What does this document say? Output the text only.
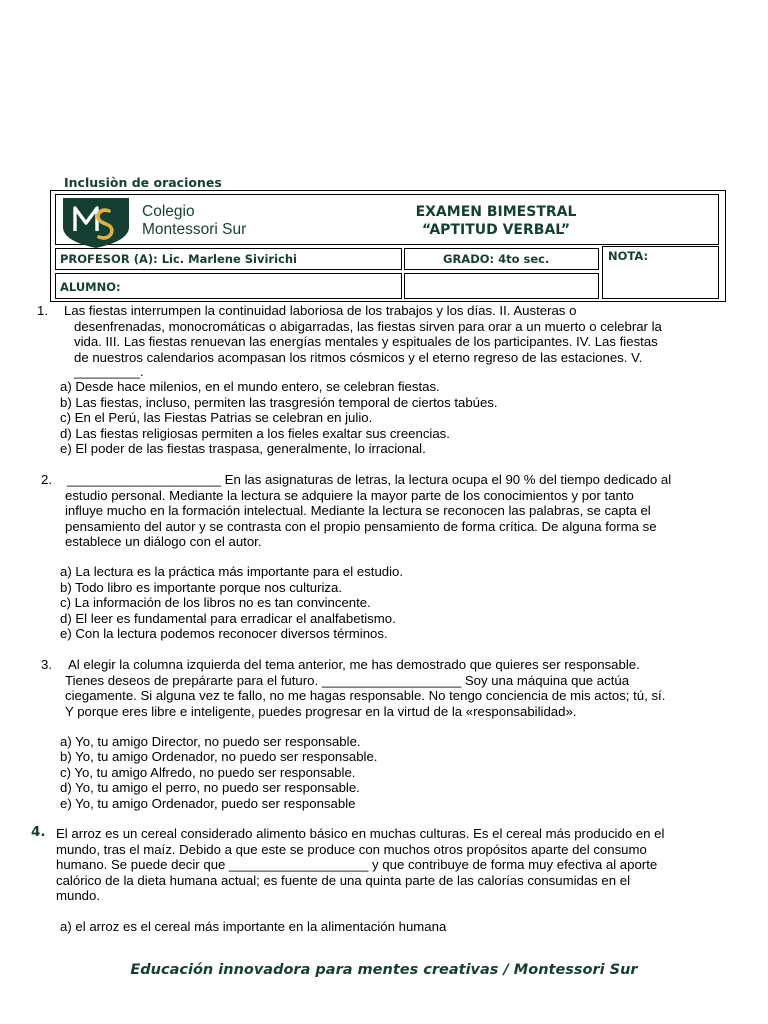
Inclusiòn de oraciones
Colegio
Montessori Sur
EXAMEN BIMESTRAL
“APTITUD VERBAL”
PROFESOR (A): Lic. Marlene Sivirichi	GRADO: 4to sec.	NOTA:
ALUMNO:
1. Las fiestas interrumpen la continuidad laboriosa de los trabajos y los días. II. Austeras o

desenfrenadas, monocromáticas o abigarradas, las fiestas sirven para orar a un muerto o celebrar la

vida. III. Las fiestas renuevan las energías mentales y espituales de los participantes. IV. Las fiestas

de nuestros calendarios acompasan los ritmos cósmicos y el eterno regreso de las estaciones. V.

_________.

a) Desde hace milenios, en el mundo entero, se celebran fiestas.
b) Las fiestas, incluso, permiten las trasgresión temporal de ciertos tabúes.
c) En el Perú, las Fiestas Patrias se celebran en julio.
d) Las fiestas religiosas permiten a los fieles exaltar sus creencias.
e) El poder de las fiestas traspasa, generalmente, lo irracional.
2. _____________________ En las asignaturas de letras, la lectura ocupa el 90 % del tiempo dedicado al

estudio personal. Mediante la lectura se adquiere la mayor parte de los conocimientos y por tanto

influye mucho en la formación intelectual. Mediante la lectura se reconocen las palabras, se capta el

pensamiento del autor y se contrasta con el propio pensamiento de forma crítica. De alguna forma se

establece un diálogo con el autor.

a) La lectura es la práctica más importante para el estudio.
b) Todo libro es importante porque nos culturiza.
c) La información de los libros no es tan convincente.
d) El leer es fundamental para erradicar el analfabetismo.
e) Con la lectura podemos reconocer diversos términos.
3. Al elegir la columna izquierda del tema anterior, me has demostrado que quieres ser responsable.

Tienes deseos de prepárarte para el futuro. ___________________ Soy una máquina que actúa

ciegamente. Si alguna vez te fallo, no me hagas responsable. No tengo conciencia de mis actos; tú, sí.

Y porque eres libre e inteligente, puedes progresar en la virtud de la «responsabilidad».

a) Yo, tu amigo Director, no puedo ser responsable.
b) Yo, tu amigo Ordenador, no puedo ser responsable.
c) Yo, tu amigo Alfredo, no puedo ser responsable.
d) Yo, tu amigo el perro, no puedo ser responsable.
e) Yo, tu amigo Ordenador, puedo ser responsable
4. El arroz es un cereal considerado alimento básico en muchas culturas. Es el cereal más producido en el

mundo, tras el maíz. Debido a que este se produce con muchos otros propósitos aparte del consumo

humano. Se puede decir que ___________________ y que contribuye de forma muy efectiva al aporte

calórico de la dieta humana actual; es fuente de una quinta parte de las calorías consumidas en el

mundo.

a) el arroz es el cereal más importante en la alimentación humana
Educación innovadora para mentes creativas / Montessori Sur
